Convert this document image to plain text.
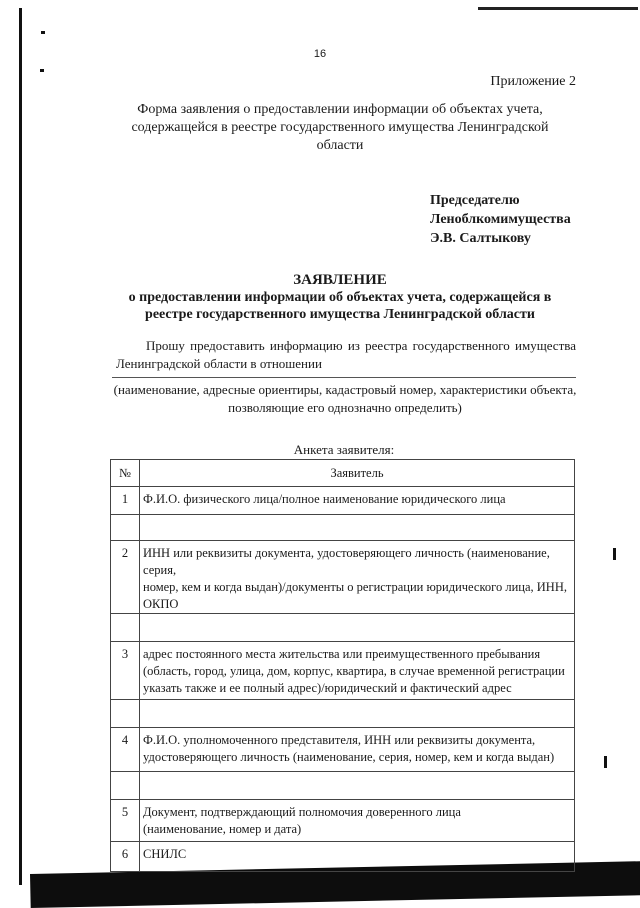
16
Приложение 2
Форма заявления о предоставлении информации об объектах учета,
содержащейся в реестре государственного имущества Ленинградской
области
Председателю
Леноблкомимущества
Э.В. Салтыкову
ЗАЯВЛЕНИЕ
о предоставлении информации об объектах учета, содержащейся в
реестре государственного имущества Ленинградской области
Прошу предоставить информацию из реестра государственного имущества
Ленинградской области в отношении
(наименование, адресные ориентиры, кадастровый номер, характеристики объекта,
позволяющие его однозначно определить)
Анкета заявителя:
№	Заявитель
1	Ф.И.О. физического лица/полное наименование юридического лица

2	ИНН или реквизиты документа, удостоверяющего личность (наименование, серия,
номер, кем и когда выдан)/документы о регистрации юридического лица, ИНН,
ОКПО

3	адрес постоянного места жительства или преимущественного пребывания
(область, город, улица, дом, корпус, квартира, в случае временной регистрации
указать также и ее полный адрес)/юридический и фактический адрес

4	Ф.И.О. уполномоченного представителя, ИНН или реквизиты документа,
удостоверяющего личность (наименование, серия, номер, кем и когда выдан)

5	Документ, подтверждающий полномочия доверенного лица
(наименование, номер и дата)

6	СНИЛС
